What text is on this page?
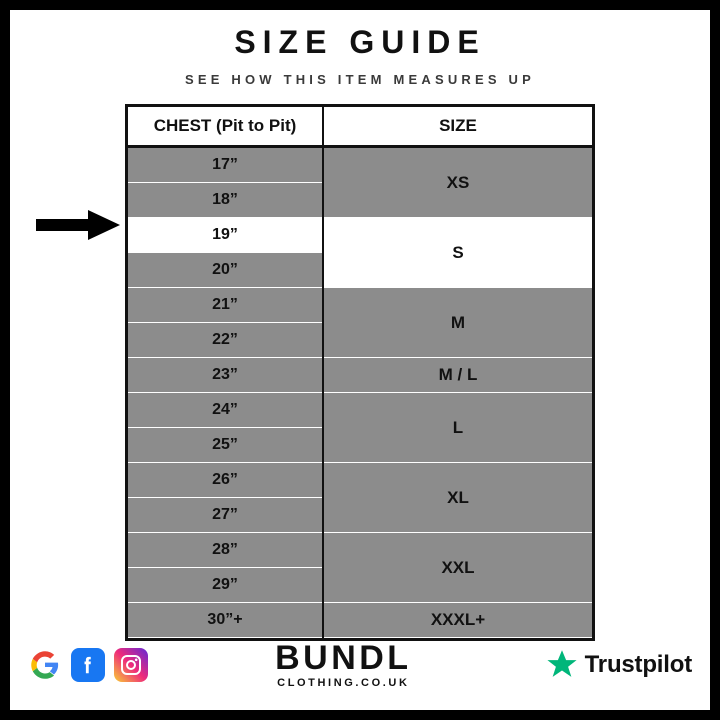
SIZE GUIDE
SEE HOW THIS ITEM MEASURES UP
CHEST (Pit to Pit)	SIZE
17”
18”
19”
20”
21”
22”
23”
24”
25”
26”
27”
28”
29”
30”+
XS
S
M
M / L
L
XL
XXL
XXXL+
BUNDL
CLOTHING.CO.UK
Trustpilot
